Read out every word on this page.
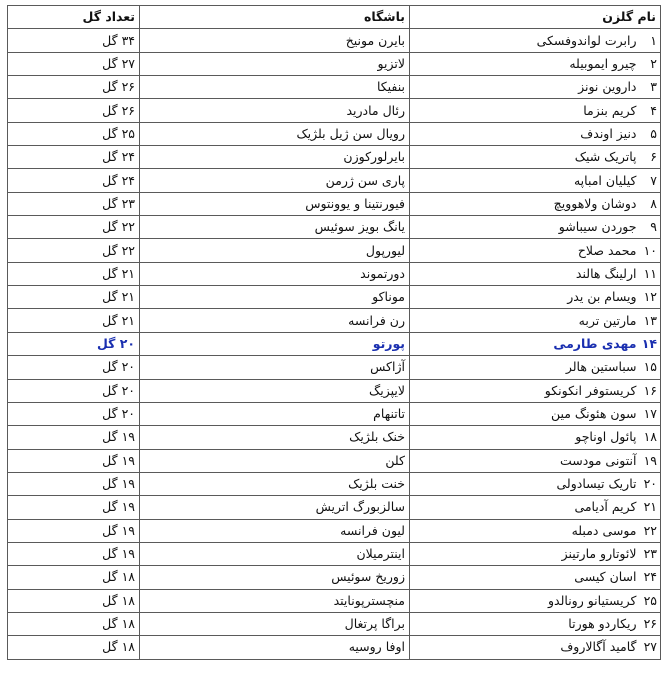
نام گلزن		باشگاه	تعداد گل
۱	رابرت لواندوفسکی	بایرن مونیخ	۳۴ گل
۲	چیرو ایموبیله	لاتزیو	۲۷ گل
۳	داروین نونز	بنفیکا	۲۶ گل
۴	کریم بنزما	رئال مادرید	۲۶ گل
۵	دنیز اوندف	رویال سن ژیل بلژیک	۲۵ گل
۶	پاتریک شیک	بایرلورکوزن	۲۴ گل
۷	کیلیان امباپه	پاری سن ژرمن	۲۴ گل
۸	دوشان ولاهوویچ	فیورنتینا و یوونتوس	۲۳ گل
۹	جوردن سیباشو	یانگ بویز سوئیس	۲۲ گل
۱۰	محمد صلاح	لیورپول	۲۲ گل
۱۱	ارلینگ هالند	دورتموند	۲۱ گل
۱۲	ویسام بن یدر	موناکو	۲۱ گل
۱۳	مارتین تربه	رن فرانسه	۲۱ گل
۱۴	مهدی طارمی	پورتو	۲۰ گل
۱۵	سباستین هالر	آژاکس	۲۰ گل
۱۶	کریستوفر انکونکو	لایپزیگ	۲۰ گل
۱۷	سون هئونگ مین	تاتنهام	۲۰ گل
۱۸	پائول اوناچو	خنک بلژیک	۱۹ گل
۱۹	آنتونی مودست	کلن	۱۹ گل
۲۰	تاریک تیسادولی	خنت بلژیک	۱۹ گل
۲۱	کریم آدیامی	سالزبورگ اتریش	۱۹ گل
۲۲	موسی دمبله	لیون فرانسه	۱۹ گل
۲۳	لائوتارو مارتینز	اینترمیلان	۱۹ گل
۲۴	اسان کیسی	زوریخ سوئیس	۱۸ گل
۲۵	کریستیانو رونالدو	منچسترپونایتد	۱۸ گل
۲۶	ریکاردو هورتا	براگا پرتغال	۱۸ گل
۲۷	گامید آگالاروف	اوفا روسیه	۱۸ گل
